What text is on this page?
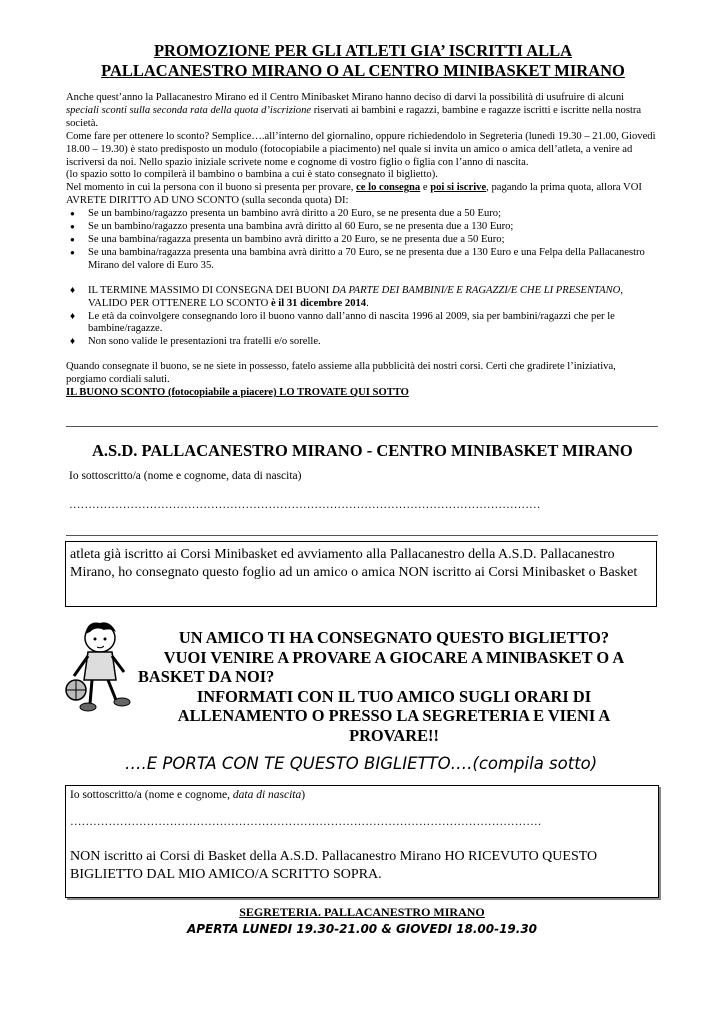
PROMOZIONE PER GLI ATLETI GIA’ ISCRITTI ALLA
PALLACANESTRO MIRANO O AL CENTRO MINIBASKET MIRANO

Anche quest’anno la Pallacanestro Mirano ed il Centro Minibasket Mirano hanno deciso di darvi la possibilità di usufruire di alcuni speciali sconti sulla seconda rata della quota d’iscrizione riservati ai bambini e ragazzi, bambine e ragazze iscritti e iscritte nella nostra società.

Come fare per ottenere lo sconto? Semplice….all’interno del giornalino, oppure richiedendolo in Segreteria (lunedì 19.30 – 21.00, Giovedì 18.00 – 19.30) è stato predisposto un modulo (fotocopiabile a piacimento) nel quale si invita un amico o amica dell’atleta, a venire ad iscriversi da noi. Nello spazio iniziale scrivete nome e cognome di vostro figlio o figlia con l’anno di nascita.

(lo spazio sotto lo compilerà il bambino o bambina a cui è stato consegnato il biglietto).

Nel momento in cui la persona con il buono si presenta per provare, ce lo consegna e poi si iscrive, pagando la prima quota, allora VOI AVRETE DIRITTO AD UNO SCONTO (sulla seconda quota) DI:

● Se un bambino/ragazzo presenta un bambino avrà diritto a 20 Euro, se ne presenta due a 50 Euro;
● Se un bambino/ragazzo presenta una bambina avrà diritto al 60 Euro, se ne presenta due a 130 Euro;
● Se una bambina/ragazza presenta un bambino avrà diritto a 20 Euro, se ne presenta due a 50 Euro;
● Se una bambina/ragazza presenta una bambina avrà diritto a 70 Euro, se ne presenta due a 130 Euro e una Felpa della Pallacanestro Mirano del valore di Euro 35.
♦ IL TERMINE MASSIMO DI CONSEGNA DEI BUONI DA PARTE DEI BAMBINI/E E RAGAZZI/E CHE LI PRESENTANO, VALIDO PER OTTENERE LO SCONTO è il 31 dicembre 2014.
♦ Le età da coinvolgere consegnando loro il buono vanno dall’anno di nascita 1996 al 2009, sia per bambini/ragazzi che per le bambine/ragazze.
♦ Non sono valide le presentazioni tra fratelli e/o sorelle.

Quando consegnate il buono, se ne siete in possesso, fatelo assieme alla pubblicità dei nostri corsi. Certi che gradirete l’iniziativa, porgiamo cordiali saluti.

IL BUONO SCONTO (fotocopiabile a piacere) LO TROVATE QUI SOTTO

A.S.D. PALLACANESTRO MIRANO - CENTRO MINIBASKET MIRANO
Io sottoscritto/a (nome e cognome, data di nascita)
……………………………………………………………………………………………………………
atleta già iscritto ai Corsi Minibasket ed avviamento alla Pallacanestro della A.S.D. Pallacanestro Mirano, ho consegnato questo foglio ad un amico o amica NON iscritto ai Corsi Minibasket o Basket
UN AMICO TI HA CONSEGNATO QUESTO BIGLIETTO?
VUOI VENIRE A PROVARE A GIOCARE A MINIBASKET O A
BASKET DA NOI?
INFORMATI CON IL TUO AMICO SUGLI ORARI DI
ALLENAMENTO O PRESSO LA SEGRETERIA E VIENI A
PROVARE!!
….E PORTA CON TE QUESTO BIGLIETTO….(compila sotto)
Io sottoscritto/a (nome e cognome, data di nascita)
……………………………………………………………………………………………………………
NON iscritto ai Corsi di Basket della A.S.D. Pallacanestro Mirano HO RICEVUTO QUESTO BIGLIETTO DAL MIO AMICO/A SCRITTO SOPRA.
SEGRETERIA. PALLACANESTRO MIRANO
APERTA LUNEDI 19.30-21.00 & GIOVEDI 18.00-19.30
